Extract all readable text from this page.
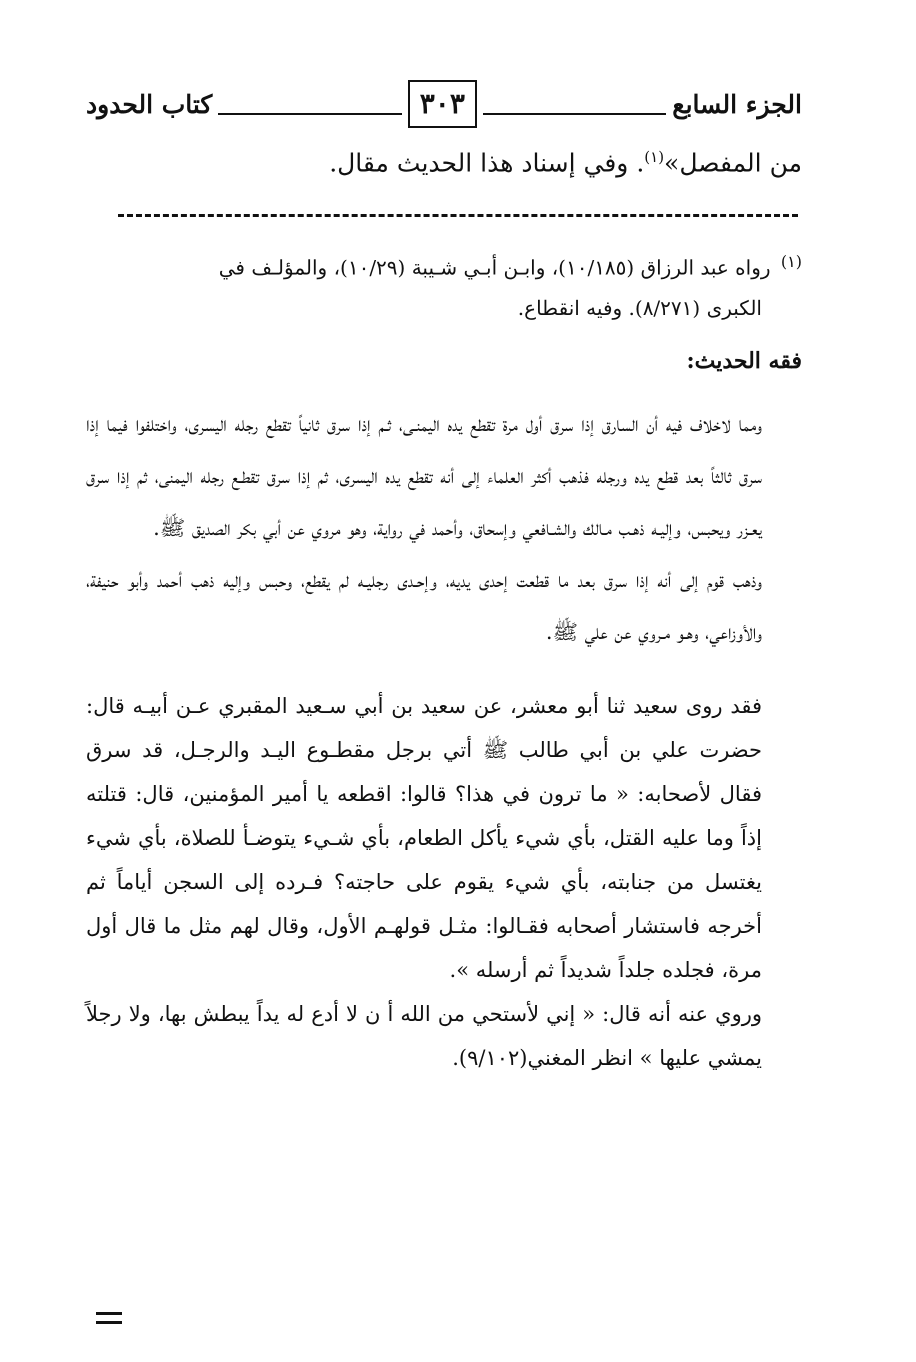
الجزء السابع
٣٠٣
كتاب الحدود
من المفصل»$^{(١)}$. وفي إسناد هذا الحديث مقال.
$^{(١)}$ رواه عبد الرزاق (١٠/١٨٥)، وابـن أبـي شـيبة (١٠/٢٩)، والمؤلـف في
الكبرى (٨/٢٧١). وفيه انقطاع.
فقه الحديث:

ومما لاخلاف فيه أن السارق إذا سرق أول مرة تقطع يده اليمنـى، ثـم إذا سرق ثانياً تقطع رجله اليسرى، واختلفوا فيما إذا سرق ثالثاً بعد قطع يده ورجله فذهب أكثر العلماء إلى أنه تقطع يده اليسرى، ثم إذا سرق تقطـع رجله اليمنى، ثم إذا سرق يعـزر ويحبس، وإليـه ذهـب مـالك والشـافعي وإسحاق، وأحمد في رواية، وهو مروي عن أبي بكر الصديق ﷺ.

وذهب قوم إلى أنه إذا سرق بعد ما قطعت إحدى يديه، وإحـدى رجليـه لم يقطع، وحبس وإليه ذهب أحمد وأبو حنيفة، والأوزاعي، وهـو مـروي عن علي ﷺ.

فقد روى سعيد ثنا أبو معشر، عن سعيد بن أبي سـعيد المقبري عـن أبيـه قال: حضرت علي بن أبي طالب ﷺ أتي برجل مقطـوع اليـد والرجـل، قد سرق فقال لأصحابه: « ما ترون في هذا؟ قالوا: اقطعه يا أمير المؤمنين، قال: قتلته إذاً وما عليه القتل، بأي شيء يأكل الطعام، بأي شـيء يتوضـأ للصلاة، بأي شيء يغتسل من جنابته، بأي شيء يقوم على حاجته؟ فـرده إلى السجن أياماً ثم أخرجه فاستشار أصحابه فقـالوا: مثـل قولهـم الأول، وقال لهم مثل ما قال أول مرة، فجلده جلداً شديداً ثم أرسله ».

وروي عنه أنه قال: « إني لأستحي من الله أ ن لا أدع له يداً يبطش بها، ولا رجلاً يمشي عليها » انظر المغني(٩/١٠٢).
